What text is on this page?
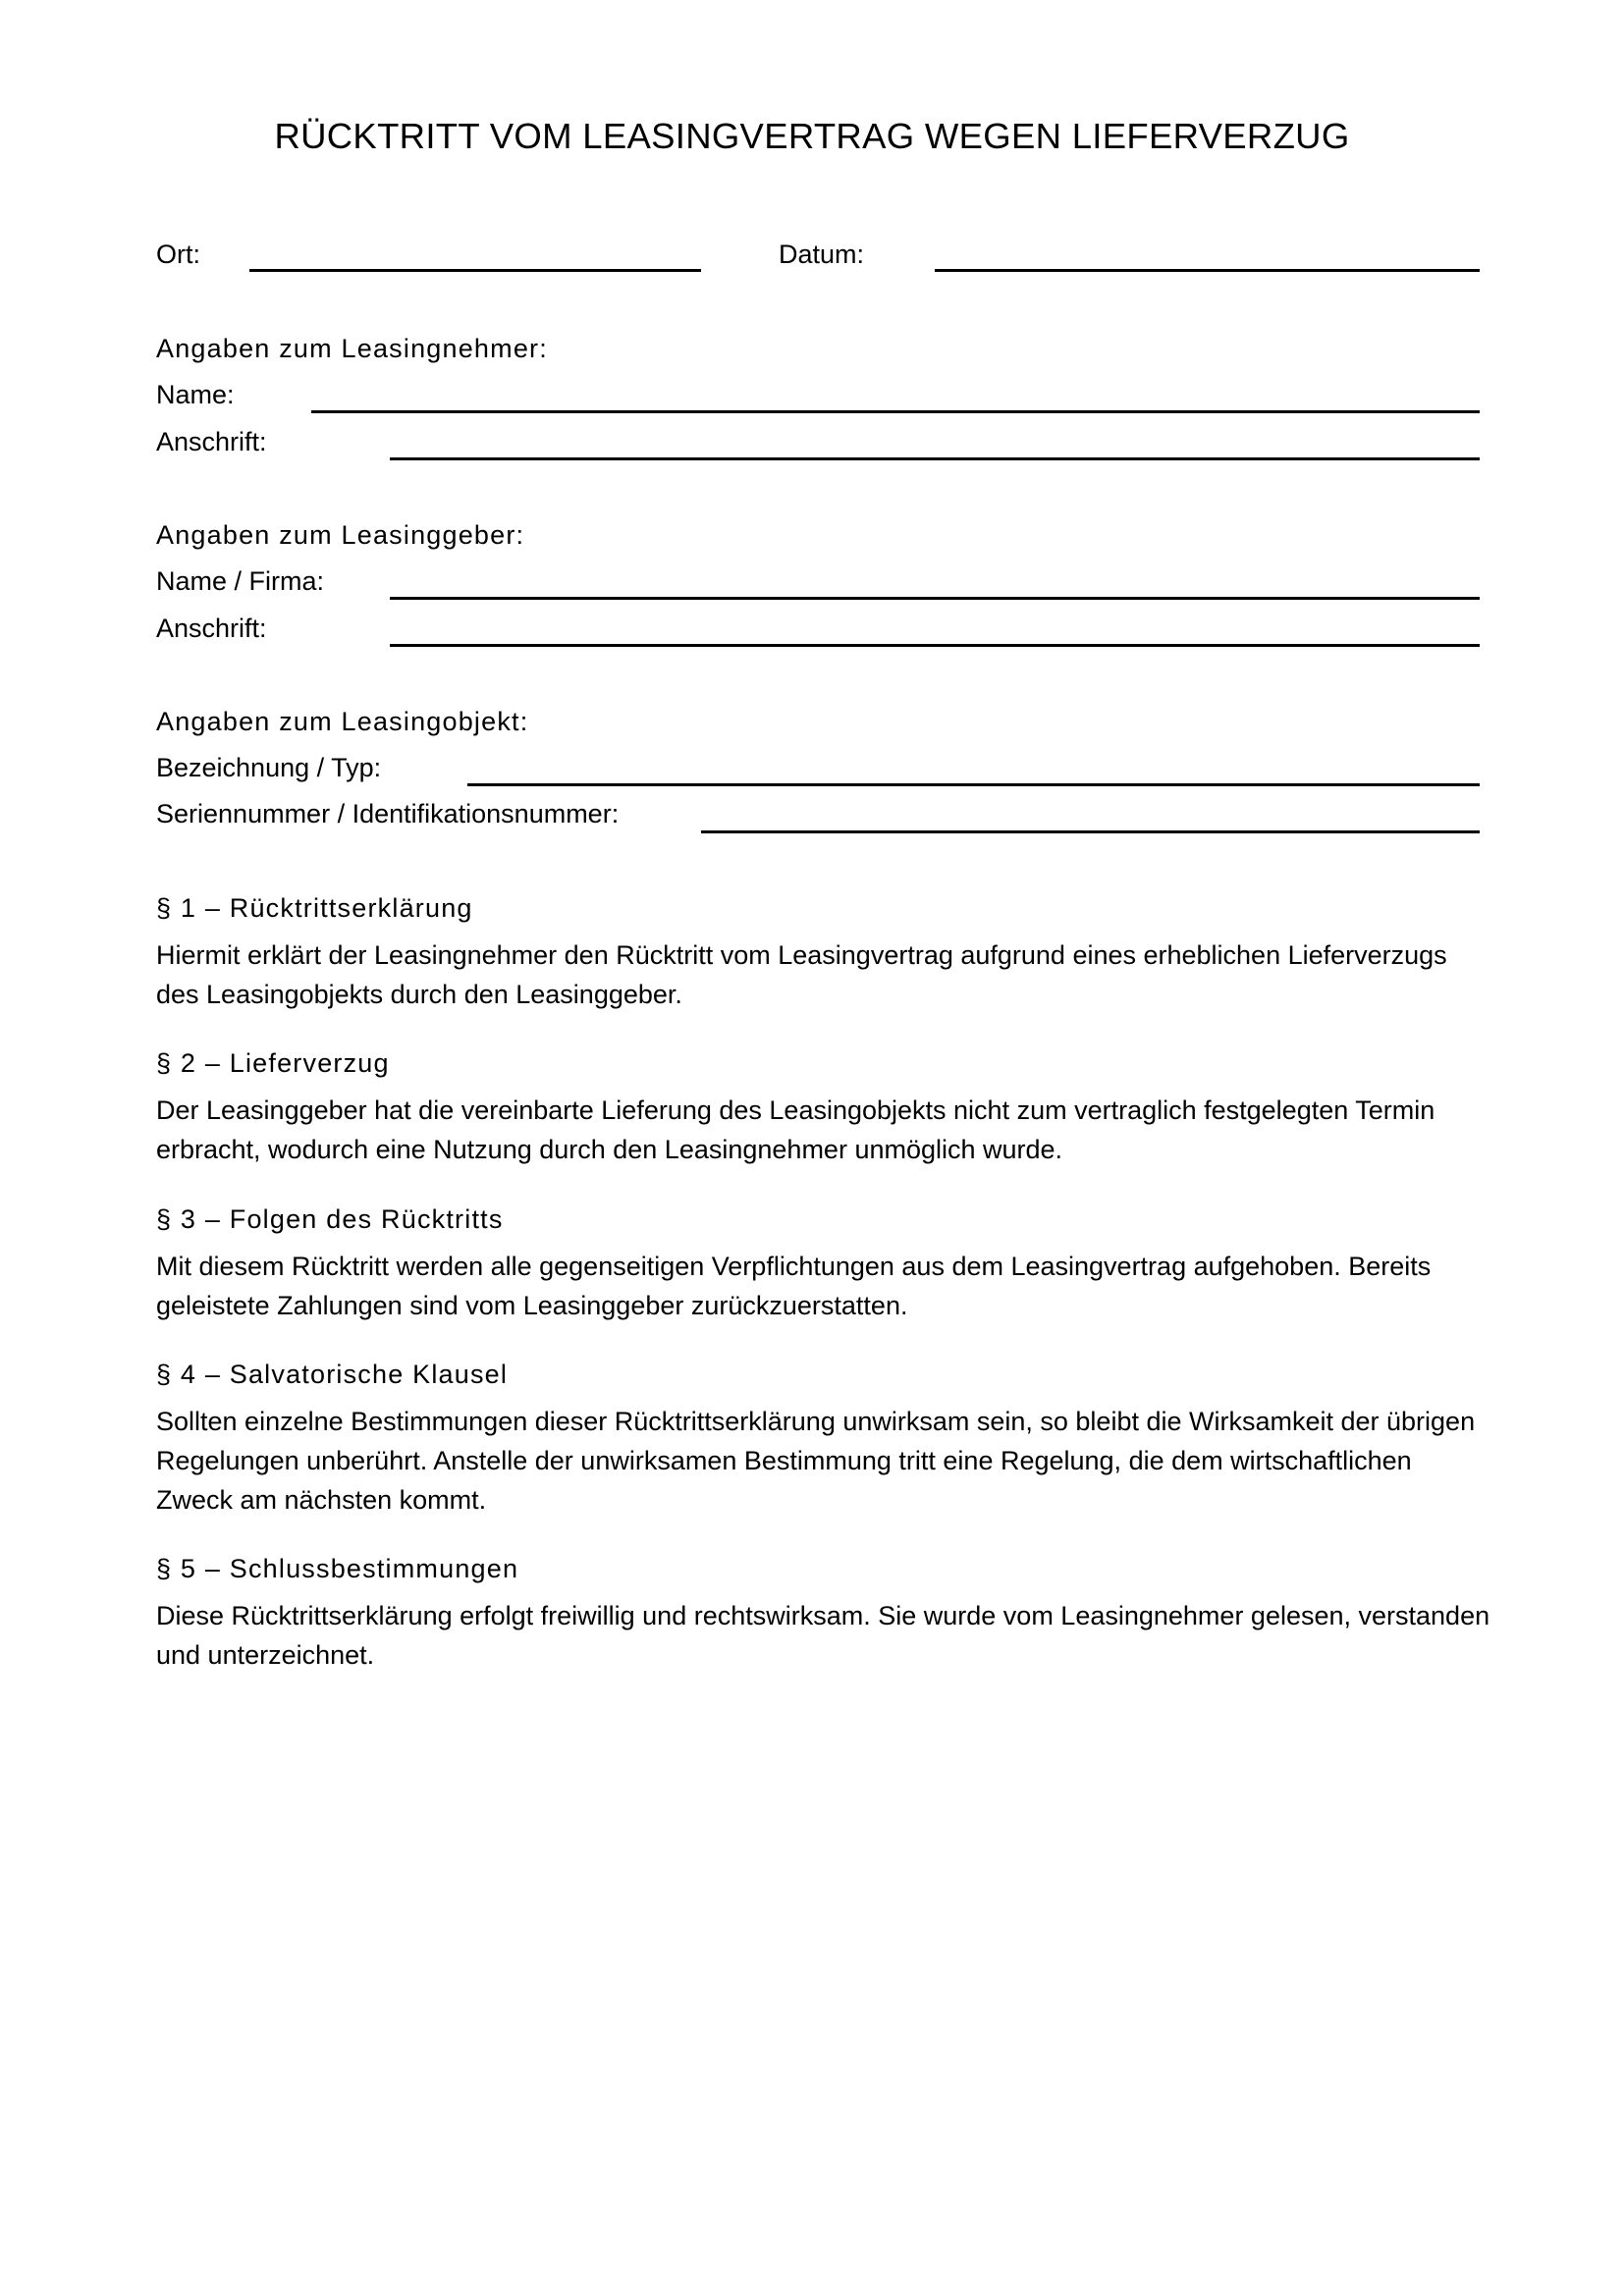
RÜCKTRITT VOM LEASINGVERTRAG WEGEN LIEFERVERZUG
Ort:	Datum:
Angaben zum Leasingnehmer:
Name:
Anschrift:
Angaben zum Leasinggeber:
Name / Firma:
Anschrift:
Angaben zum Leasingobjekt:
Bezeichnung / Typ:
Seriennummer / Identifikationsnummer:
§ 1 – Rücktrittserklärung
Hiermit erklärt der Leasingnehmer den Rücktritt vom Leasingvertrag aufgrund eines erheblichen Lieferverzugs des Leasingobjekts durch den Leasinggeber.
§ 2 – Lieferverzug
Der Leasinggeber hat die vereinbarte Lieferung des Leasingobjekts nicht zum vertraglich festgelegten Termin erbracht, wodurch eine Nutzung durch den Leasingnehmer unmöglich wurde.
§ 3 – Folgen des Rücktritts
Mit diesem Rücktritt werden alle gegenseitigen Verpflichtungen aus dem Leasingvertrag aufgehoben. Bereits geleistete Zahlungen sind vom Leasinggeber zurückzuerstatten.
§ 4 – Salvatorische Klausel
Sollten einzelne Bestimmungen dieser Rücktrittserklärung unwirksam sein, so bleibt die Wirksamkeit der übrigen Regelungen unberührt. Anstelle der unwirksamen Bestimmung tritt eine Regelung, die dem wirtschaftlichen Zweck am nächsten kommt.
§ 5 – Schlussbestimmungen
Diese Rücktrittserklärung erfolgt freiwillig und rechtswirksam. Sie wurde vom Leasingnehmer gelesen, verstanden und unterzeichnet.
